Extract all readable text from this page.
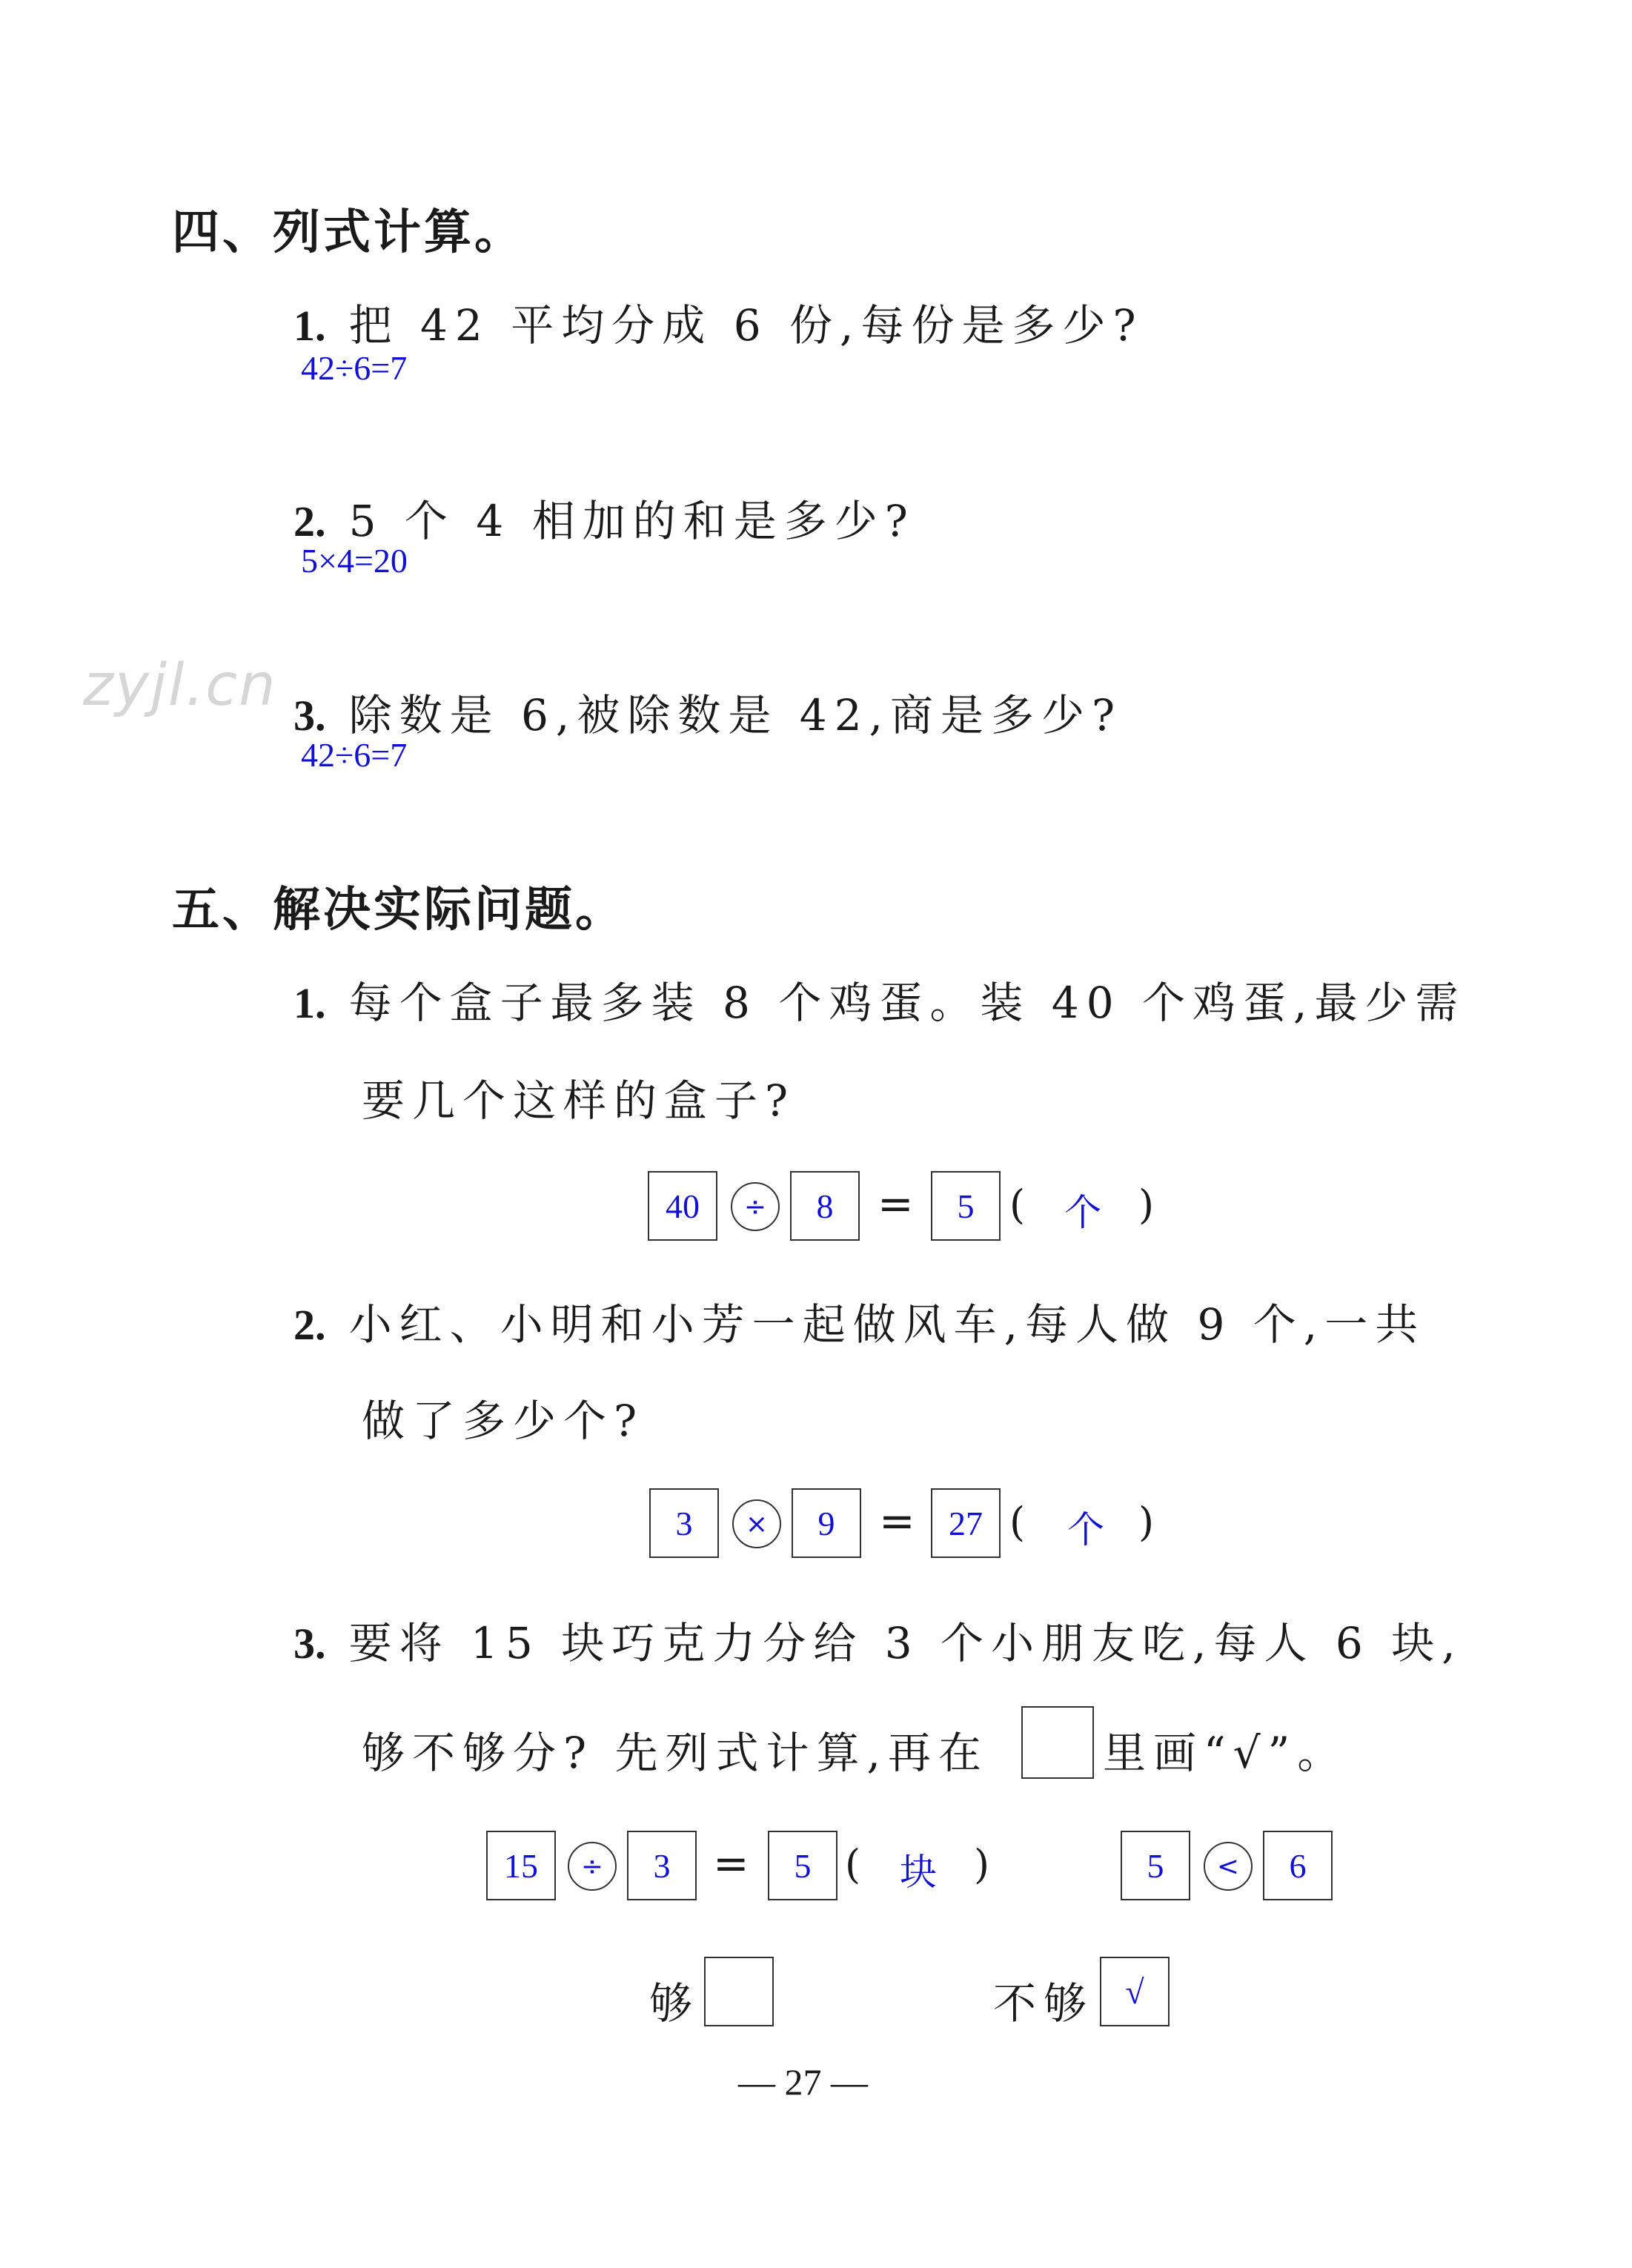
zyjl.cn
四、列式计算。
1. 把 42 平均分成 6 份,每份是多少?
42÷6=7
2. 5 个 4 相加的和是多少?
5×4=20
3. 除数是 6,被除数是 42,商是多少?
42÷6=7
五、解决实际问题。
1. 每个盒子最多装 8 个鸡蛋。装 40 个鸡蛋,最少需
要几个这样的盒子?
40	÷	8	=	5 ( 个 )
2. 小红、小明和小芳一起做风车,每人做 9 个,一共
做了多少个?
3	×	9	= 27 ( 个 )
3. 要将 15 块巧克力分给 3 个小朋友吃,每人 6 块,
够不够分? 先列式计算,再在	里画“√”。
15	÷	3 =	5 ( 块 )	5	<	6
够	不够 √
— 27 —
